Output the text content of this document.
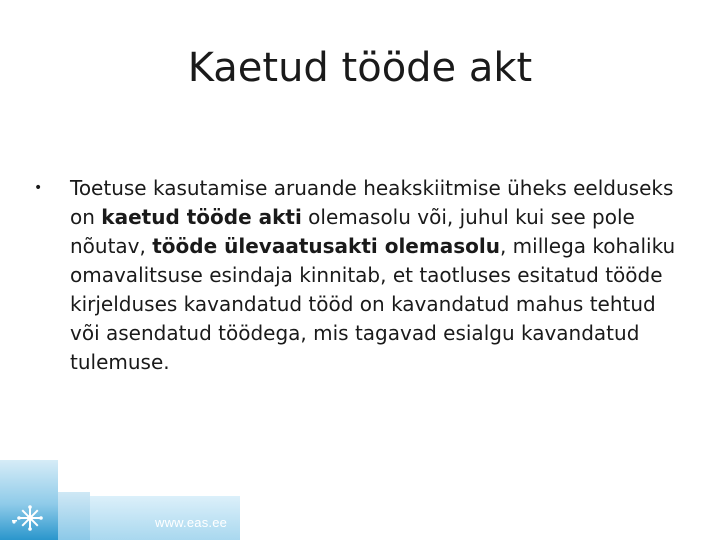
Kaetud tööde akt
•	Toetuse kasutamise aruande heakskiitmise üheks eelduseks on kaetud tööde akti olemasolu või, juhul kui see pole nõutav, tööde ülevaatusakti olemasolu, millega kohaliku omavalitsuse esindaja kinnitab, et taotluses esitatud tööde kirjelduses kavandatud tööd on kavandatud mahus tehtud või asendatud töödega, mis tagavad esialgu kavandatud tulemuse.
www.eas.ee
